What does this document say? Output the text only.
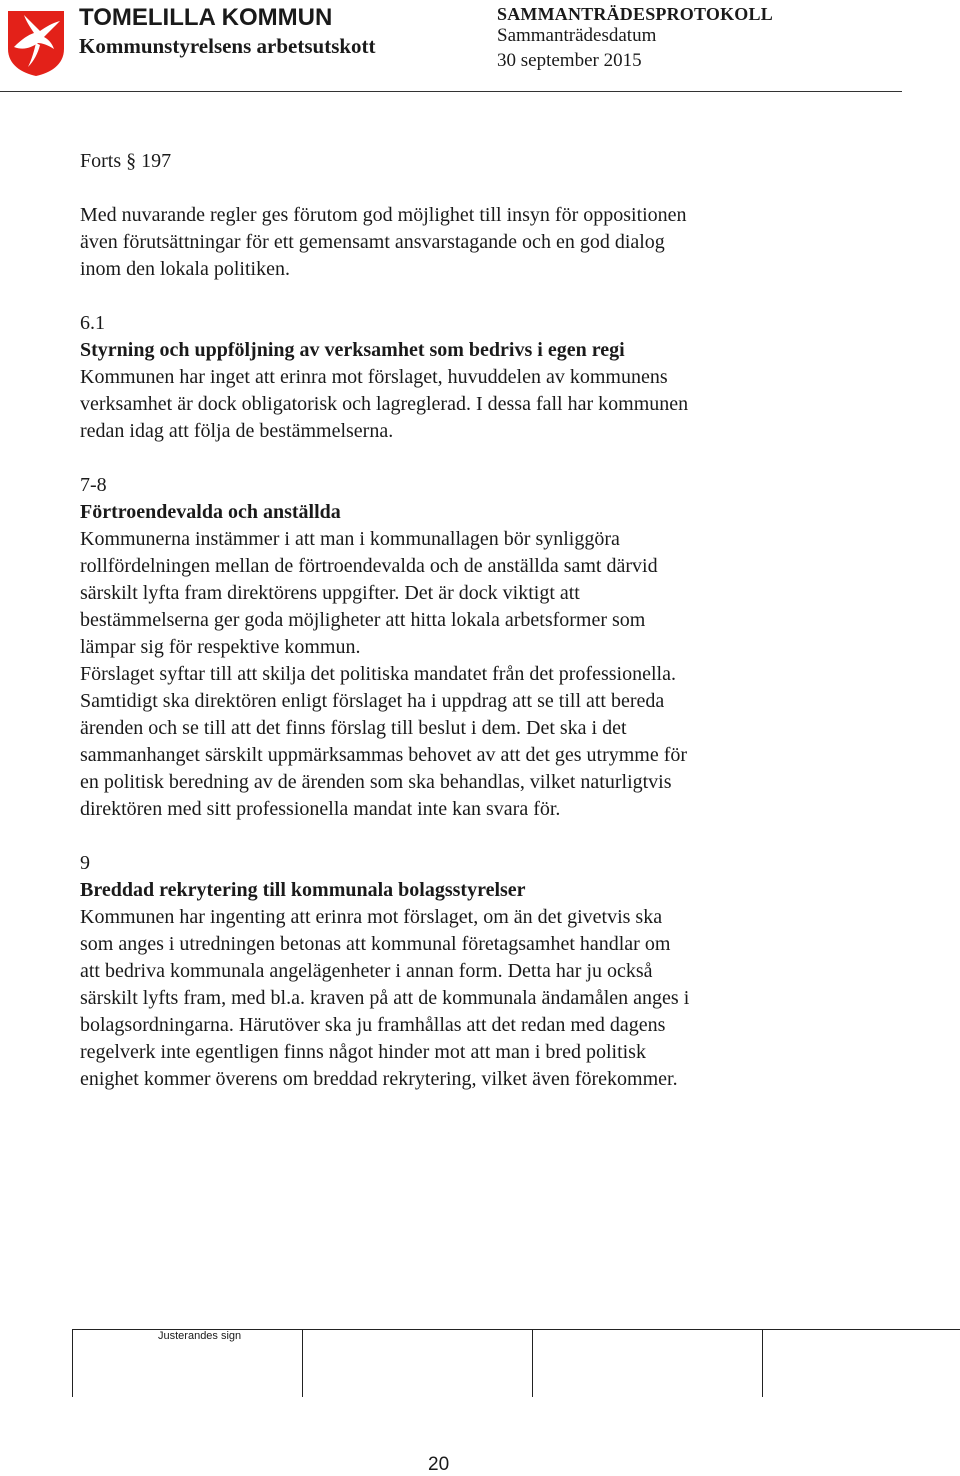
TOMELILLA KOMMUN
Kommunstyrelsens arbetsutskott
SAMMANTRÄDESPROTOKOLL
Sammanträdesdatum
30 september 2015

Forts § 197

Med nuvarande regler ges förutom god möjlighet till insyn för oppositionen

även förutsättningar för ett gemensamt ansvarstagande och en god dialog

inom den lokala politiken.

6.1

Styrning och uppföljning av verksamhet som bedrivs i egen regi

Kommunen har inget att erinra mot förslaget, huvuddelen av kommunens

verksamhet är dock obligatorisk och lagreglerad. I dessa fall har kommunen

redan idag att följa de bestämmelserna.

7-8

Förtroendevalda och anställda

Kommunerna instämmer i att man i kommunallagen bör synliggöra

rollfördelningen mellan de förtroendevalda och de anställda samt därvid

särskilt lyfta fram direktörens uppgifter. Det är dock viktigt att

bestämmelserna ger goda möjligheter att hitta lokala arbetsformer som

lämpar sig för respektive kommun.

Förslaget syftar till att skilja det politiska mandatet från det professionella.

Samtidigt ska direktören enligt förslaget ha i uppdrag att se till att bereda

ärenden och se till att det finns förslag till beslut i dem. Det ska i det

sammanhanget särskilt uppmärksammas behovet av att det ges utrymme för

en politisk beredning av de ärenden som ska behandlas, vilket naturligtvis

direktören med sitt professionella mandat inte kan svara för.

9

Breddad rekrytering till kommunala bolagsstyrelser

Kommunen har ingenting att erinra mot förslaget, om än det givetvis ska

som anges i utredningen betonas att kommunal företagsamhet handlar om

att bedriva kommunala angelägenheter i annan form. Detta har ju också

särskilt lyfts fram, med bl.a. kraven på att de kommunala ändamålen anges i

bolagsordningarna. Härutöver ska ju framhållas att det redan med dagens

regelverk inte egentligen finns något hinder mot att man i bred politisk

enighet kommer överens om breddad rekrytering, vilket även förekommer.

Justerandes sign
20
